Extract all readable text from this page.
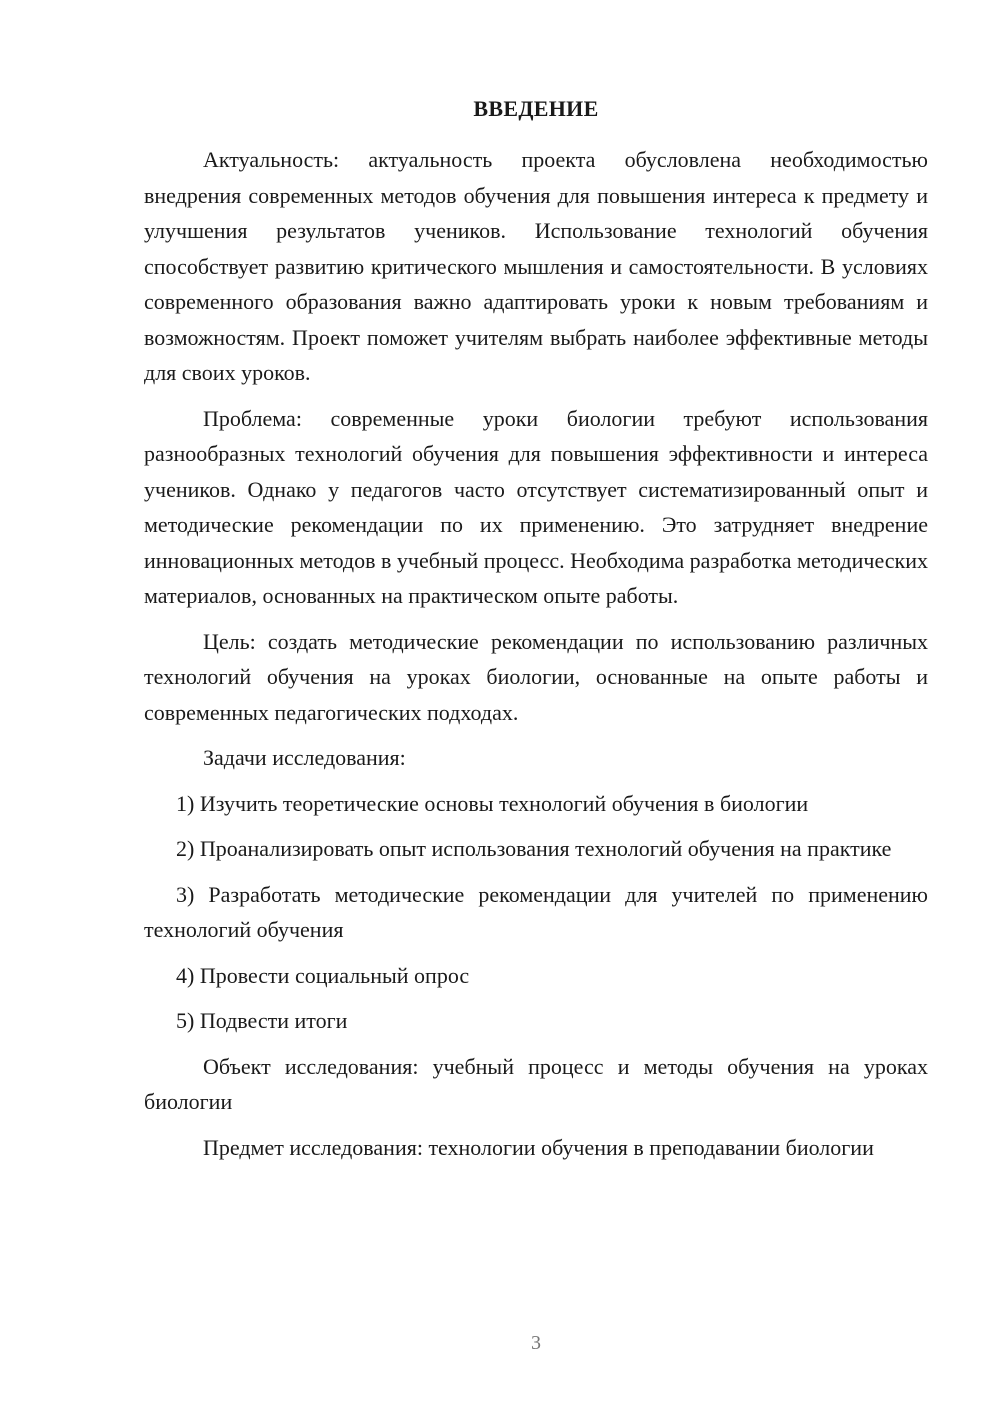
ВВЕДЕНИЕ

Актуальность: актуальность проекта обусловлена необходимостью внедрения современных методов обучения для повышения интереса к предмету и улучшения результатов учеников. Использование технологий обучения способствует развитию критического мышления и самостоятельности. В условиях современного образования важно адаптировать уроки к новым требованиям и возможностям. Проект поможет учителям выбрать наиболее эффективные методы для своих уроков.

Проблема: современные уроки биологии требуют использования разнообразных технологий обучения для повышения эффективности и интереса учеников. Однако у педагогов часто отсутствует систематизированный опыт и методические рекомендации по их применению. Это затрудняет внедрение инновационных методов в учебный процесс. Необходима разработка методических материалов, основанных на практическом опыте работы.

Цель: создать методические рекомендации по использованию различных технологий обучения на уроках биологии, основанные на опыте работы и современных педагогических подходах.

Задачи исследования:

1) Изучить теоретические основы технологий обучения в биологии

2) Проанализировать опыт использования технологий обучения на практике

3) Разработать методические рекомендации для учителей по применению технологий обучения

4) Провести социальный опрос

5) Подвести итоги

Объект исследования: учебный процесс и методы обучения на уроках биологии

Предмет исследования: технологии обучения в преподавании биологии

3
